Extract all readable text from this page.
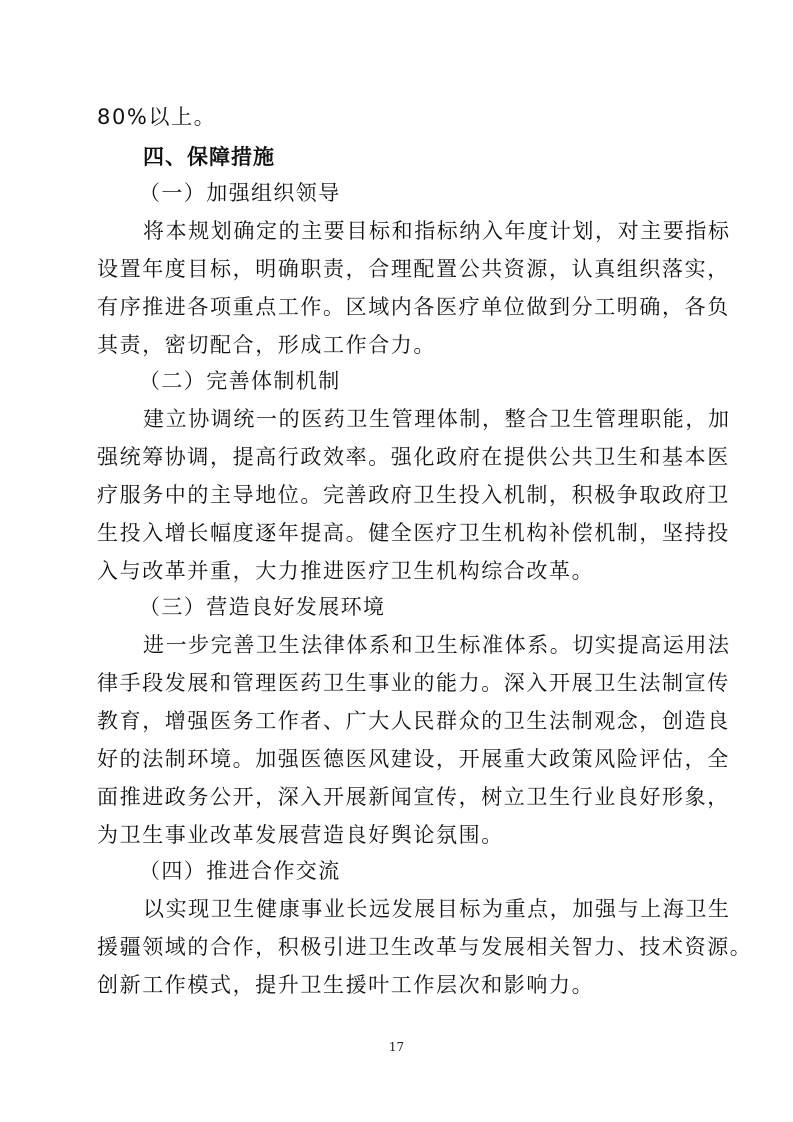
80%以上。
四、保障措施
（一）加强组织领导
将本规划确定的主要目标和指标纳入年度计划，对主要指标
设置年度目标，明确职责，合理配置公共资源，认真组织落实，
有序推进各项重点工作。区域内各医疗单位做到分工明确，各负
其责，密切配合，形成工作合力。
（二）完善体制机制
建立协调统一的医药卫生管理体制，整合卫生管理职能，加
强统筹协调，提高行政效率。强化政府在提供公共卫生和基本医
疗服务中的主导地位。完善政府卫生投入机制，积极争取政府卫
生投入增长幅度逐年提高。健全医疗卫生机构补偿机制，坚持投
入与改革并重，大力推进医疗卫生机构综合改革。
（三）营造良好发展环境
进一步完善卫生法律体系和卫生标准体系。切实提高运用法
律手段发展和管理医药卫生事业的能力。深入开展卫生法制宣传
教育，增强医务工作者、广大人民群众的卫生法制观念，创造良
好的法制环境。加强医德医风建设，开展重大政策风险评估，全
面推进政务公开，深入开展新闻宣传，树立卫生行业良好形象，
为卫生事业改革发展营造良好舆论氛围。
（四）推进合作交流
以实现卫生健康事业长远发展目标为重点，加强与上海卫生
援疆领域的合作，积极引进卫生改革与发展相关智力、技术资源。
创新工作模式，提升卫生援叶工作层次和影响力。
17
